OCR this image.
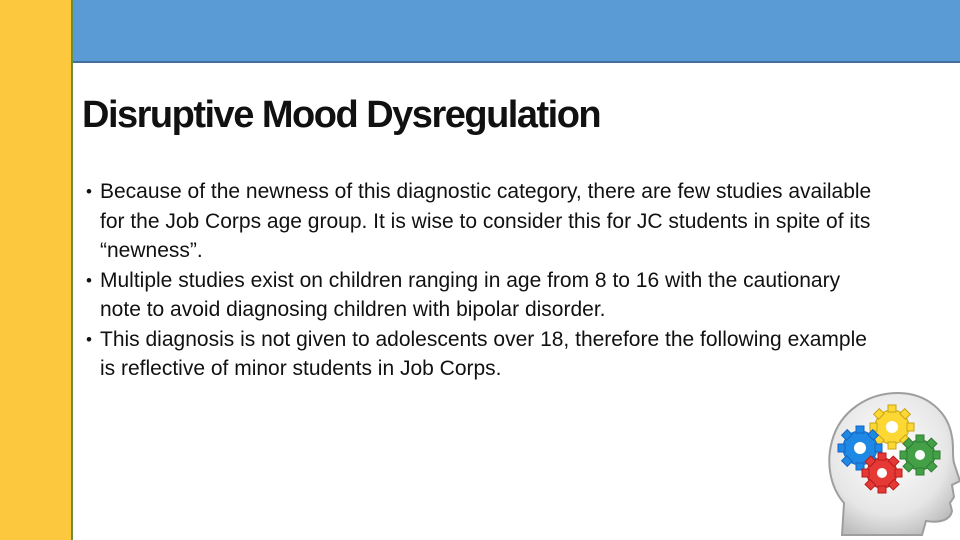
Disruptive Mood Dysregulation
• Because of the newness of this diagnostic category, there are few studies available for the Job Corps age group. It is wise to consider this for JC students in spite of its “newness”.
• Multiple studies exist on children ranging in age from 8 to 16 with the cautionary note to avoid diagnosing children with bipolar disorder.
• This diagnosis is not given to adolescents over 18, therefore the following example is reflective of minor students in Job Corps.
